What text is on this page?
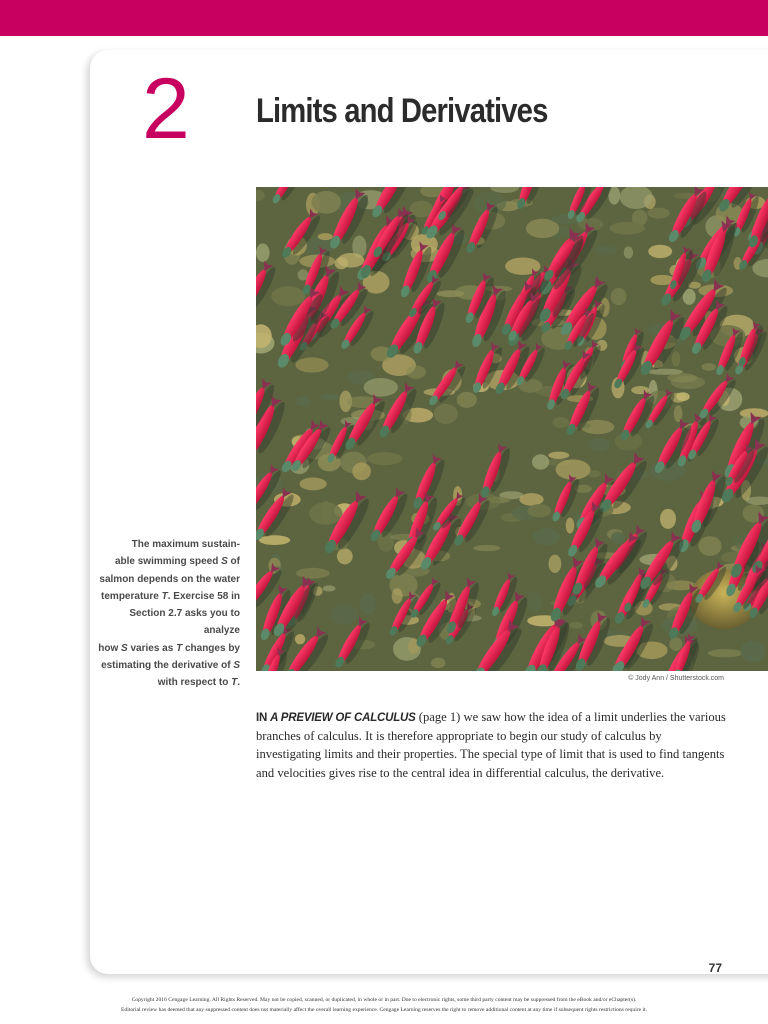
2 Limits and Derivatives
© Jody Ann / Shutterstock.com
The maximum sustain-
able swimming speed S of
salmon depends on the water
temperature T. Exercise 58 in
Section 2.7 asks you to analyze
how S varies as T changes by
estimating the derivative of S
with respect to T.
IN A PREVIEW OF CALCULUS (page 1) we saw how the idea of a limit underlies the various branches of calculus. It is therefore appropriate to begin our study of calculus by investigating limits and their properties. The special type of limit that is used to find tangents and velocities gives rise to the central idea in differential calculus, the derivative.
77
Copyright 2016 Cengage Learning. All Rights Reserved. May not be copied, scanned, or duplicated, in whole or in part. Due to electronic rights, some third party content may be suppressed from the eBook and/or eChapter(s).
Editorial review has deemed that any suppressed content does not materially affect the overall learning experience. Cengage Learning reserves the right to remove additional content at any time if subsequent rights restrictions require it.
